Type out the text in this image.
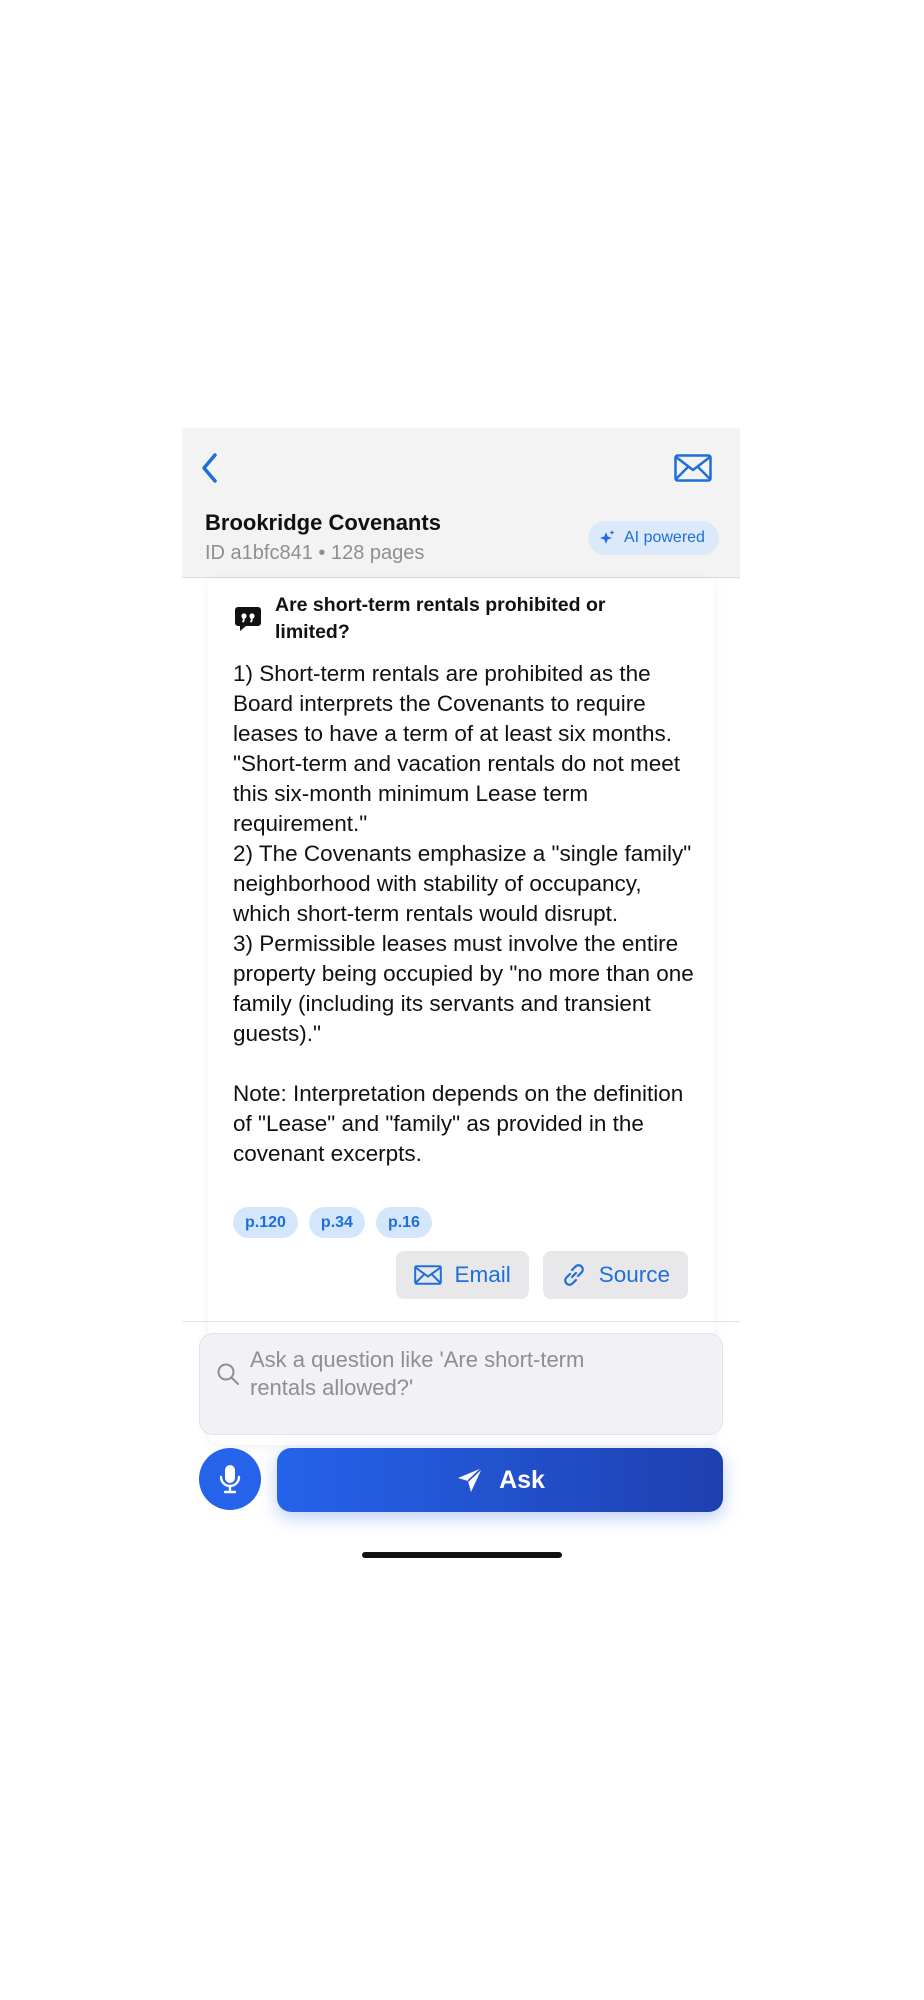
Brookridge Covenants
ID a1bfc841 • 128 pages
AI powered
Are short-term rentals prohibited or limited?
1) Short-term rentals are prohibited as the Board interprets the Covenants to require leases to have a term of at least six months. "Short-term and vacation rentals do not meet this six-month minimum Lease term requirement."
2) The Covenants emphasize a "single family" neighborhood with stability of occupancy, which short-term rentals would disrupt.
3) Permissible leases must involve the entire property being occupied by "no more than one family (including its servants and transient guests)."

Note: Interpretation depends on the definition of "Lease" and "family" as provided in the covenant excerpts.
p.120	p.34	p.16
Email	Source
Ask a question like 'Are short-term rentals allowed?'
Ask
